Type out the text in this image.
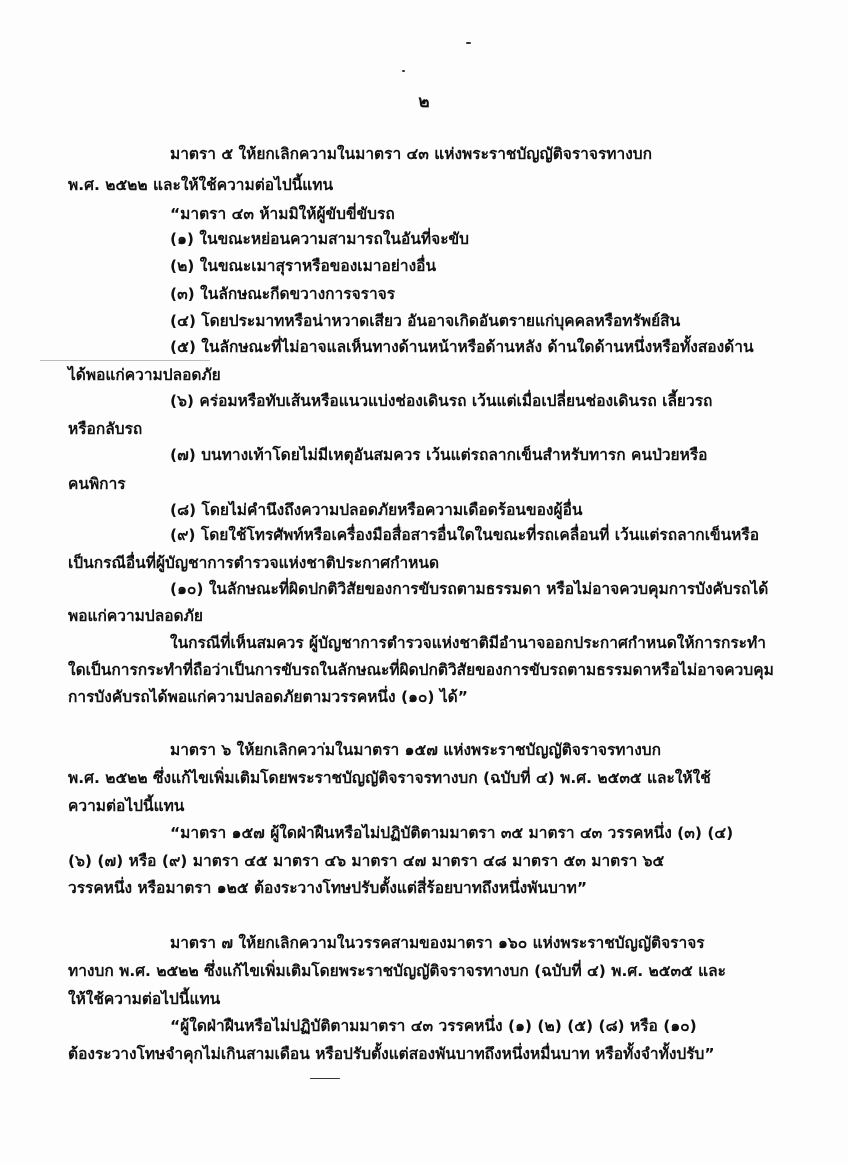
๒
มาตรา ๕ ให้ยกเลิกความในมาตรา ๔๓ แห่งพระราชบัญญัติจราจรทางบก
พ.ศ. ๒๕๒๒ และให้ใช้ความต่อไปนี้แทน
“มาตรา ๔๓ ห้ามมิให้ผู้ขับขี่ขับรถ
(๑) ในขณะหย่อนความสามารถในอันที่จะขับ
(๒) ในขณะเมาสุราหรือของเมาอย่างอื่น
(๓) ในลักษณะกีดขวางการจราจร
(๔) โดยประมาทหรือน่าหวาดเสียว อันอาจเกิดอันตรายแก่บุคคลหรือทรัพย์สิน
(๕) ในลักษณะที่ไม่อาจแลเห็นทางด้านหน้าหรือด้านหลัง ด้านใดด้านหนึ่งหรือทั้งสองด้าน
ได้พอแก่ความปลอดภัย
(๖) คร่อมหรือทับเส้นหรือแนวแบ่งช่องเดินรถ เว้นแต่เมื่อเปลี่ยนช่องเดินรถ เลี้ยวรถ
หรือกลับรถ
(๗) บนทางเท้าโดยไม่มีเหตุอันสมควร เว้นแต่รถลากเข็นสำหรับทารก คนป่วยหรือ
คนพิการ
(๘) โดยไม่คำนึงถึงความปลอดภัยหรือความเดือดร้อนของผู้อื่น
(๙) โดยใช้โทรศัพท์หรือเครื่องมือสื่อสารอื่นใดในขณะที่รถเคลื่อนที่ เว้นแต่รถลากเข็นหรือ
เป็นกรณีอื่นที่ผู้บัญชาการตำรวจแห่งชาติประกาศกำหนด
(๑๐) ในลักษณะที่ผิดปกติวิสัยของการขับรถตามธรรมดา หรือไม่อาจควบคุมการบังคับรถได้
พอแก่ความปลอดภัย
ในกรณีที่เห็นสมควร ผู้บัญชาการตำรวจแห่งชาติมีอำนาจออกประกาศกำหนดให้การกระทำ
ใดเป็นการกระทำที่ถือว่าเป็นการขับรถในลักษณะที่ผิดปกติวิสัยของการขับรถตามธรรมดาหรือไม่อาจควบคุม
การบังคับรถได้พอแก่ความปลอดภัยตามวรรคหนึ่ง (๑๐) ได้”
มาตรา ๖ ให้ยกเลิกความในมาตรา ๑๕๗ แห่งพระราชบัญญัติจราจรทางบก
พ.ศ. ๒๕๒๒ ซึ่งแก้ไขเพิ่มเติมโดยพระราชบัญญัติจราจรทางบก (ฉบับที่ ๔) พ.ศ. ๒๕๓๕ และให้ใช้
ความต่อไปนี้แทน
“มาตรา ๑๕๗ ผู้ใดฝ่าฝืนหรือไม่ปฏิบัติตามมาตรา ๓๕ มาตรา ๔๓ วรรคหนึ่ง (๓) (๔)
(๖) (๗) หรือ (๙) มาตรา ๔๕ มาตรา ๔๖ มาตรา ๔๗ มาตรา ๔๘ มาตรา ๕๓ มาตรา ๖๕
วรรคหนึ่ง หรือมาตรา ๑๒๕ ต้องระวางโทษปรับตั้งแต่สี่ร้อยบาทถึงหนึ่งพันบาท”
มาตรา ๗ ให้ยกเลิกความในวรรคสามของมาตรา ๑๖๐ แห่งพระราชบัญญัติจราจร
ทางบก พ.ศ. ๒๕๒๒ ซึ่งแก้ไขเพิ่มเติมโดยพระราชบัญญัติจราจรทางบก (ฉบับที่ ๔) พ.ศ. ๒๕๓๕ และ
ให้ใช้ความต่อไปนี้แทน
“ผู้ใดฝ่าฝืนหรือไม่ปฏิบัติตามมาตรา ๔๓ วรรคหนึ่ง (๑) (๒) (๕) (๘) หรือ (๑๐)
ต้องระวางโทษจำคุกไม่เกินสามเดือน หรือปรับตั้งแต่สองพันบาทถึงหนึ่งหมื่นบาท หรือทั้งจำทั้งปรับ”
